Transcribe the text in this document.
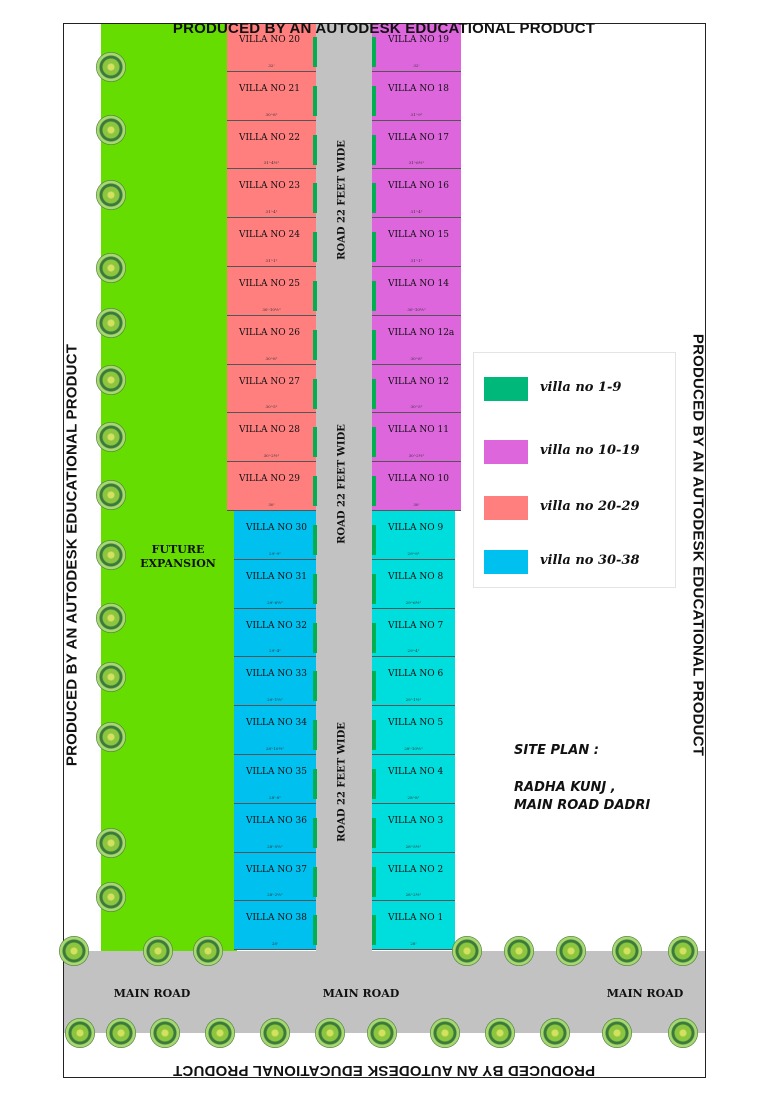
VILLA NO 20
32'
VILLA NO 21
30'-8"
VILLA NO 22
31'-4½"
VILLA NO 23
31'-4"
VILLA NO 24
31'-1"
VILLA NO 25
30'-10½"
VILLA NO 26
30'-8"
VILLA NO 27
30'-5"
VILLA NO 28
30'-2½"
VILLA NO 29
30'
VILLA NO 30
29'-9"
VILLA NO 31
29'-6½"
VILLA NO 32
29'-4"
VILLA NO 33
29'-1½"
VILLA NO 34
28'-10½"
VILLA NO 35
28'-8"
VILLA NO 36
28'-5½"
VILLA NO 37
28'-2½"
VILLA NO 38
28'
VILLA NO 19
32'
VILLA NO 18
31'-9"
VILLA NO 17
31'-6½"
VILLA NO 16
31'-4"
VILLA NO 15
31'-1"
VILLA NO 14
30'-10½"
VILLA NO 12a
30'-8"
VILLA NO 12
30'-5"
VILLA NO 11
30'-2½"
VILLA NO 10
30'
VILLA NO 9
29'-9"
VILLA NO 8
29'-6½"
VILLA NO 7
29'-4"
VILLA NO 6
29'-1½"
VILLA NO 5
28'-10½"
VILLA NO 4
28'-8"
VILLA NO 3
28'-5½"
VILLA NO 2
28'-2½"
VILLA NO 1
28'
PRODUCED BY AN AUTODESK EDUCATIONAL PRODUCT
PRODUCED BY AN AUTODESK EDUCATIONAL PRODUCT
PRODUCED BY AN AUTODESK EDUCATIONAL PRODUCT	PRODUCED BY AN AUTODESK EDUCATIONAL PRODUCT
ROAD 22 FEET WIDE
ROAD 22 FEET WIDE
ROAD 22 FEET WIDE
MAIN ROAD	MAIN ROAD	MAIN ROAD
FUTURE
EXPANSION
villa no 1-9
villa no 10-19
villa no 20-29
villa no 30-38
SITE PLAN :
RADHA KUNJ ,
MAIN ROAD DADRI
